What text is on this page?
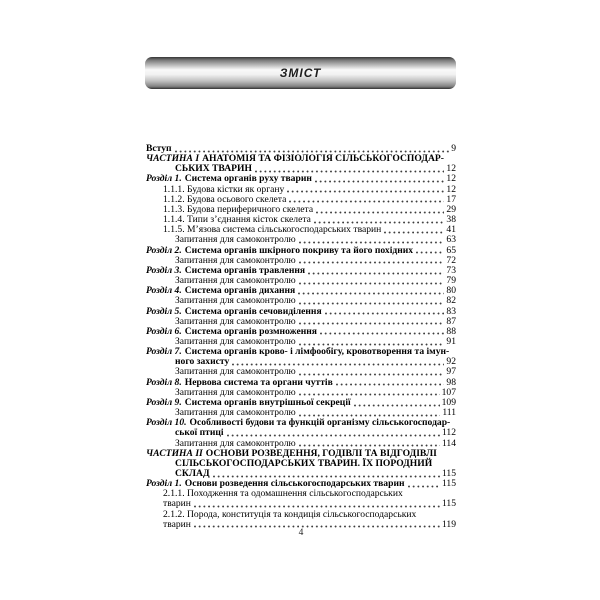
ЗМІСТ
Вступ	9
ЧАСТИНА I АНАТОМІЯ ТА ФІЗІОЛОГІЯ СІЛЬСЬКОГОСПОДАР-
СЬКИХ ТВАРИН	12
Розділ 1. Система органів руху тварин	12
1.1.1. Будова кістки як органу	12
1.1.2. Будова осьового скелета	17
1.1.3. Будова периферичного скелета	29
1.1.4. Типи з’єднання кісток скелета	38
1.1.5. М’язова система сільськогосподарських тварин	41
Запитання для самоконтролю	63
Розділ 2. Система органів шкірного покриву та його похідних	65
Запитання для самоконтролю	72
Розділ 3. Система органів травлення	73
Запитання для самоконтролю	79
Розділ 4. Система органів дихання	80
Запитання для самоконтролю	82
Розділ 5. Система органів сечовиділення	83
Запитання для самоконтролю	87
Розділ 6. Система органів розмноження	88
Запитання для самоконтролю	91
Розділ 7. Система органів крово- і лімфообігу, кровотворення та імун-
ного захисту	92
Запитання для самоконтролю	97
Розділ 8. Нервова система та органи чуттів	98
Запитання для самоконтролю	107
Розділ 9. Система органів внутрішньої секреції	109
Запитання для самоконтролю	111
Розділ 10. Особливості будови та функцій організму сільськогосподар-
ської птиці	112
Запитання для самоконтролю	114
ЧАСТИНА II ОСНОВИ РОЗВЕДЕННЯ, ГОДІВЛІ ТА ВІДГОДІВЛІ
СІЛЬСЬКОГОСПОДАРСЬКИХ ТВАРИН. ЇХ ПОРОДНИЙ
СКЛАД	115
Розділ 1. Основи розведення сільськогосподарських тварин	115
2.1.1. Походження та одомашнення сільськогосподарських
тварин	115
2.1.2. Порода, конституція та кондиція сільськогосподарських
тварин	119
4
